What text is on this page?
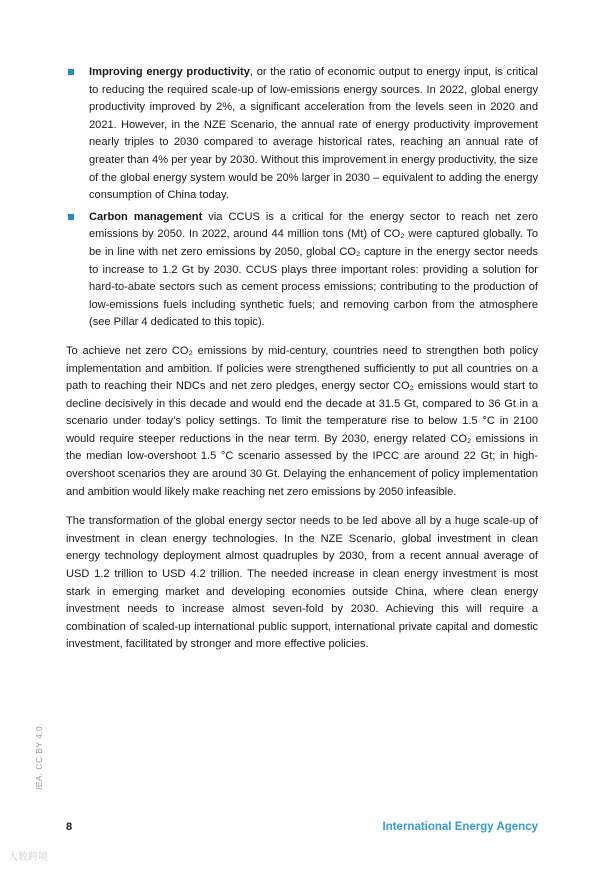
Improving energy productivity, or the ratio of economic output to energy input, is critical to reducing the required scale-up of low-emissions energy sources. In 2022, global energy productivity improved by 2%, a significant acceleration from the levels seen in 2020 and 2021. However, in the NZE Scenario, the annual rate of energy productivity improvement nearly triples to 2030 compared to average historical rates, reaching an annual rate of greater than 4% per year by 2030. Without this improvement in energy productivity, the size of the global energy system would be 20% larger in 2030 – equivalent to adding the energy consumption of China today.
Carbon management via CCUS is a critical for the energy sector to reach net zero emissions by 2050. In 2022, around 44 million tons (Mt) of CO₂ were captured globally. To be in line with net zero emissions by 2050, global CO₂ capture in the energy sector needs to increase to 1.2 Gt by 2030. CCUS plays three important roles: providing a solution for hard-to-abate sectors such as cement process emissions; contributing to the production of low-emissions fuels including synthetic fuels; and removing carbon from the atmosphere (see Pillar 4 dedicated to this topic).

To achieve net zero CO₂ emissions by mid-century, countries need to strengthen both policy implementation and ambition. If policies were strengthened sufficiently to put all countries on a path to reaching their NDCs and net zero pledges, energy sector CO₂ emissions would start to decline decisively in this decade and would end the decade at 31.5 Gt, compared to 36 Gt in a scenario under today’s policy settings. To limit the temperature rise to below 1.5 °C in 2100 would require steeper reductions in the near term. By 2030, energy related CO₂ emissions in the median low-overshoot 1.5 °C scenario assessed by the IPCC are around 22 Gt; in high-overshoot scenarios they are around 30 Gt. Delaying the enhancement of policy implementation and ambition would likely make reaching net zero emissions by 2050 infeasible.

The transformation of the global energy sector needs to be led above all by a huge scale-up of investment in clean energy technologies. In the NZE Scenario, global investment in clean energy technology deployment almost quadruples by 2030, from a recent annual average of USD 1.2 trillion to USD 4.2 trillion. The needed increase in clean energy investment is most stark in emerging market and developing economies outside China, where clean energy investment needs to increase almost seven-fold by 2030. Achieving this will require a combination of scaled-up international public support, international private capital and domestic investment, facilitated by stronger and more effective policies.

IEA. CC BY 4.0.
8	International Energy Agency
大数跨境
